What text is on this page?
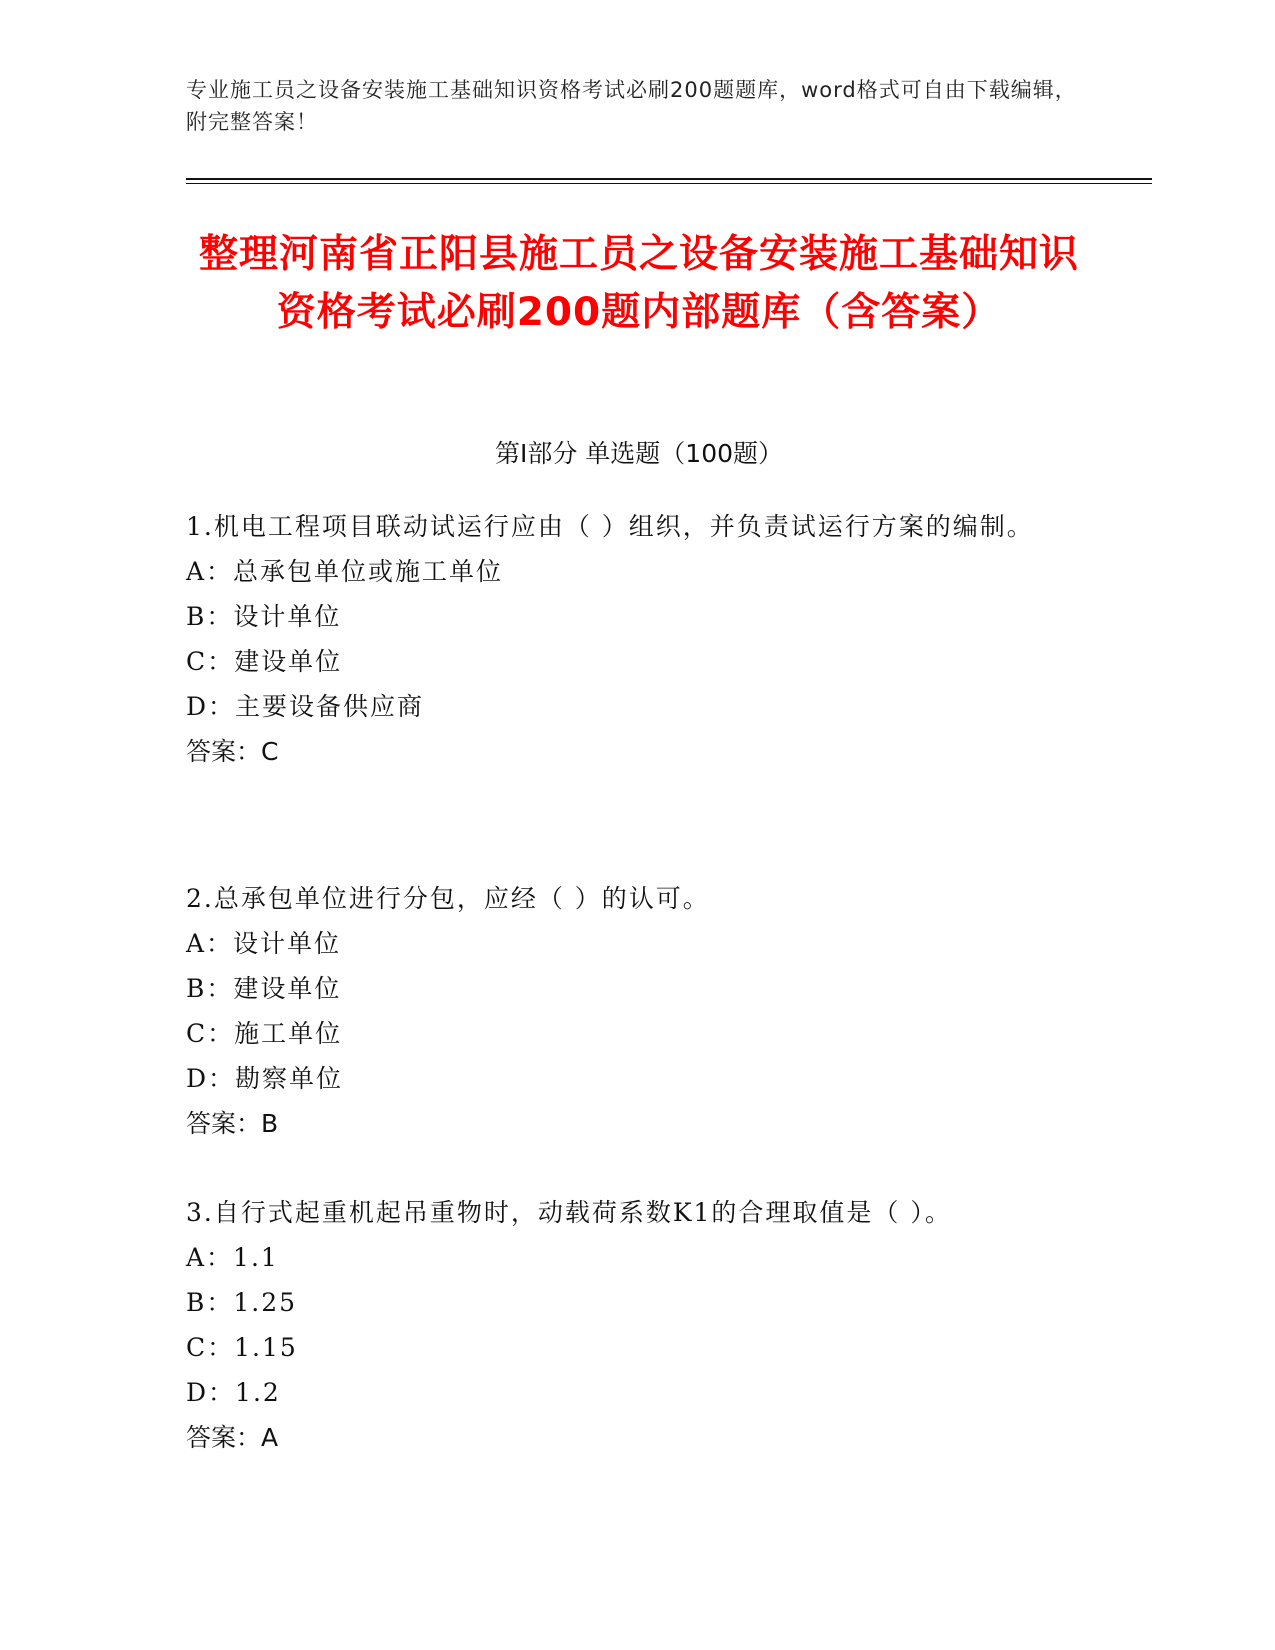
专业施工员之设备安装施工基础知识资格考试必刷200题题库，word格式可自由下载编辑，附完整答案！
整理河南省正阳县施工员之设备安装施工基础知识资格考试必刷200题内部题库（含答案）
第I部分 单选题（100题）
1.机电工程项目联动试运行应由（ ）组织，并负责试运行方案的编制。
A：总承包单位或施工单位
B：设计单位
C：建设单位
D：主要设备供应商
答案：C
2.总承包单位进行分包，应经（ ）的认可。
A：设计单位
B：建设单位
C：施工单位
D：勘察单位
答案：B
3.自行式起重机起吊重物时，动载荷系数K1的合理取值是（ ）。
A：1.1
B：1.25
C：1.15
D：1.2
答案：A
